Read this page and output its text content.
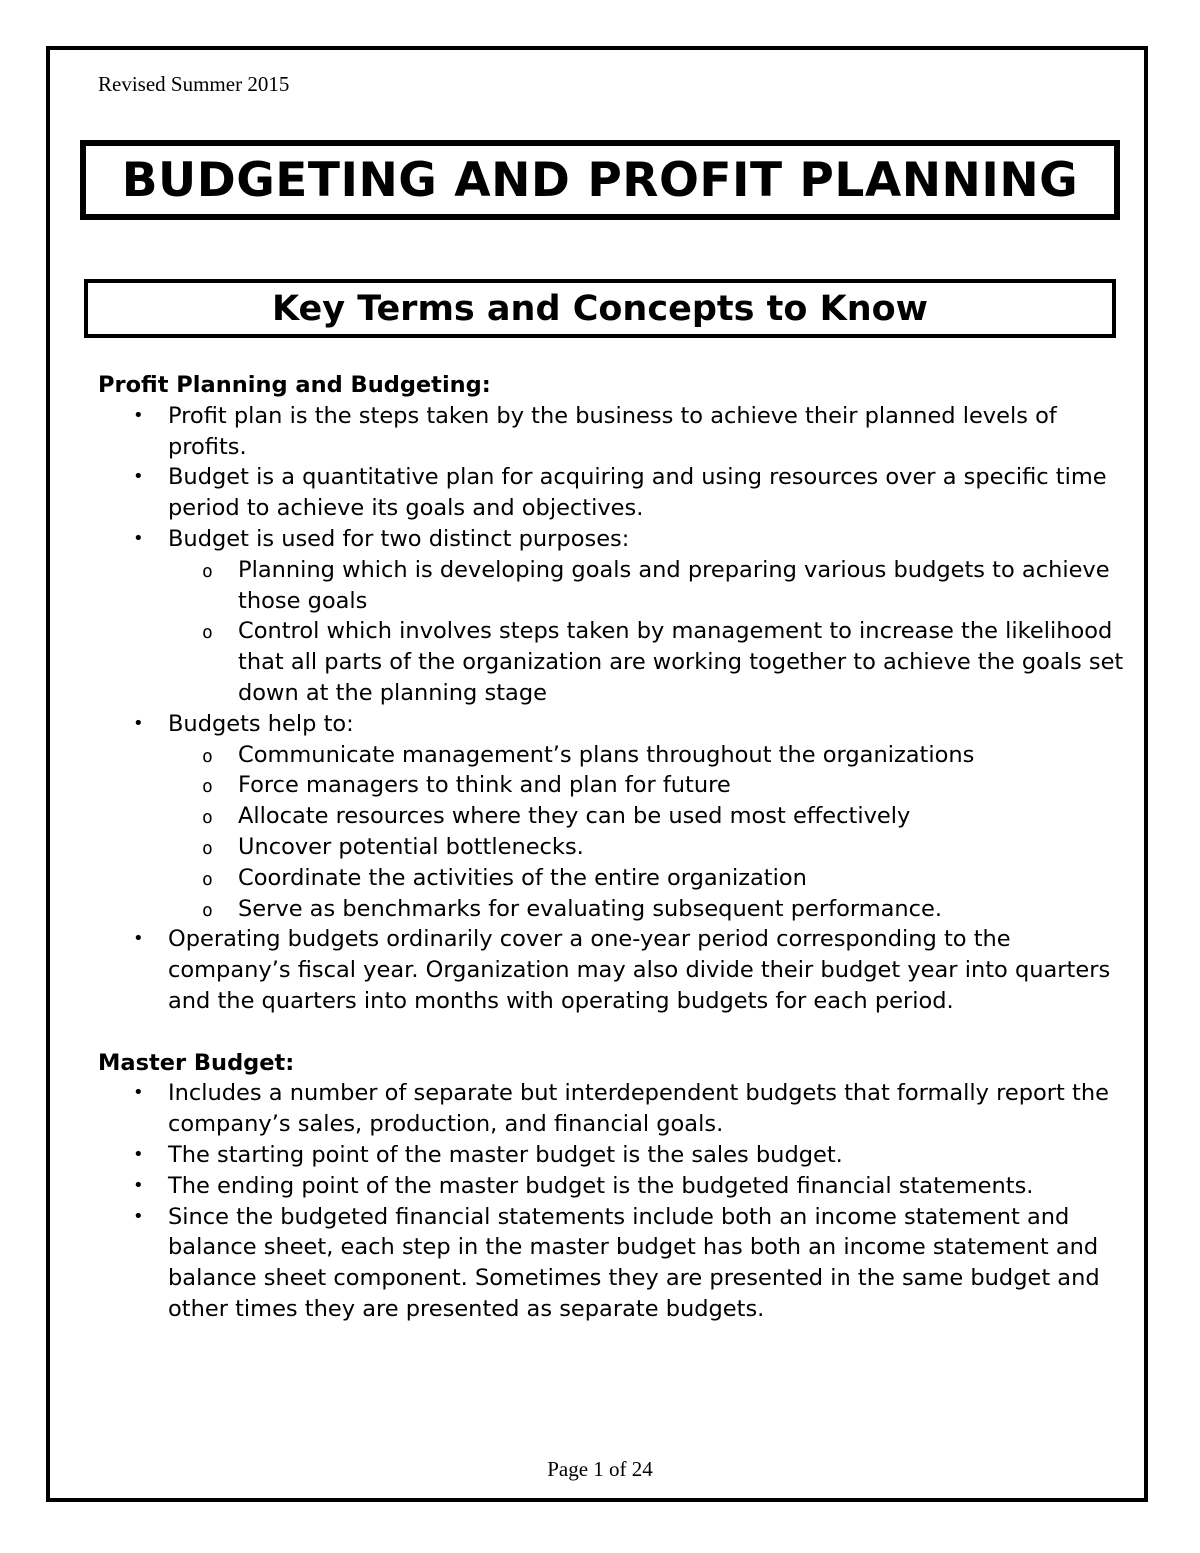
Revised Summer 2015
BUDGETING AND PROFIT PLANNING
Key Terms and Concepts to Know
Profit Planning and Budgeting:
• Profit plan is the steps taken by the business to achieve their planned levels of profits.
• Budget is a quantitative plan for acquiring and using resources over a specific time period to achieve its goals and objectives.
• Budget is used for two distinct purposes:
o Planning which is developing goals and preparing various budgets to achieve those goals
o Control which involves steps taken by management to increase the likelihood that all parts of the organization are working together to achieve the goals set down at the planning stage
• Budgets help to:
o Communicate management’s plans throughout the organizations
o Force managers to think and plan for future
o Allocate resources where they can be used most effectively
o Uncover potential bottlenecks.
o Coordinate the activities of the entire organization
o Serve as benchmarks for evaluating subsequent performance.
• Operating budgets ordinarily cover a one-year period corresponding to the company’s fiscal year. Organization may also divide their budget year into quarters and the quarters into months with operating budgets for each period.
Master Budget:
• Includes a number of separate but interdependent budgets that formally report the company’s sales, production, and financial goals.
• The starting point of the master budget is the sales budget.
• The ending point of the master budget is the budgeted financial statements.
• Since the budgeted financial statements include both an income statement and balance sheet, each step in the master budget has both an income statement and balance sheet component. Sometimes they are presented in the same budget and other times they are presented as separate budgets.
Page 1 of 24
